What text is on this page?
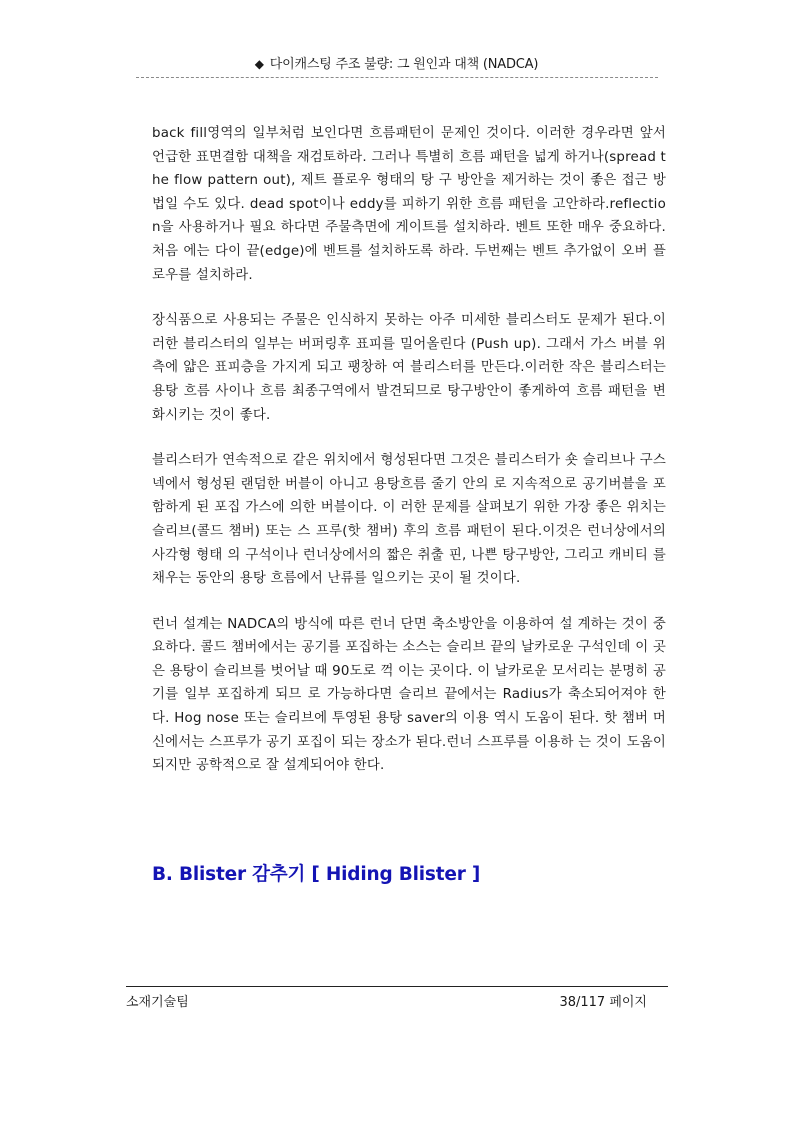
◆ 다이캐스팅 주조 불량: 그 원인과 대책 (NADCA)

back fill영역의 일부처럼 보인다면 흐름패턴이 문제인 것이다. 이러한 경우라면 앞서 언급한 표면결함 대책을 재검토하라. 그러나 특별히 흐름 패턴을 넓게 하거나(spread the flow pattern out), 제트 플로우 형태의 탕 구 방안을 제거하는 것이 좋은 접근 방법일 수도 있다. dead spot이나 eddy를 피하기 위한 흐름 패턴을 고안하라.reflection을 사용하거나 필요 하다면 주물측면에 게이트를 설치하라. 벤트 또한 매우 중요하다. 처음 에는 다이 끝(edge)에 벤트를 설치하도록 하라. 두번째는 벤트 추가없이 오버 플로우를 설치하라.

장식품으로 사용되는 주물은 인식하지 못하는 아주 미세한 블리스터도 문제가 된다.이러한 블리스터의 일부는 버퍼링후 표피를 밀어올린다 (Push up). 그래서 가스 버블 위측에 얇은 표피층을 가지게 되고 팽창하 여 블리스터를 만든다.이러한 작은 블리스터는 용탕 흐름 사이나 흐름 최종구역에서 발견되므로 탕구방안이 좋게하여 흐름 패턴을 변화시키는 것이 좋다.

블리스터가 연속적으로 같은 위치에서 형성된다면 그것은 블리스터가 숏 슬리브나 구스넥에서 형성된 랜덤한 버블이 아니고 용탕흐름 줄기 안의 로 지속적으로 공기버블을 포함하게 된 포집 가스에 의한 버블이다. 이 러한 문제를 살펴보기 위한 가장 좋은 위치는 슬리브(콜드 챔버) 또는 스 프루(핫 챔버) 후의 흐름 패턴이 된다.이것은 런너상에서의 사각형 형태 의 구석이나 런너상에서의 짧은 취출 핀, 나쁜 탕구방안, 그리고 캐비티 를 채우는 동안의 용탕 흐름에서 난류를 일으키는 곳이 될 것이다.

런너 설계는 NADCA의 방식에 따른 런너 단면 축소방안을 이용하여 설 계하는 것이 중요하다. 콜드 챔버에서는 공기를 포집하는 소스는 슬리브 끝의 날카로운 구석인데 이 곳은 용탕이 슬리브를 벗어날 때 90도로 꺽 이는 곳이다. 이 날카로운 모서리는 분명히 공기를 일부 포집하게 되므 로 가능하다면 슬리브 끝에서는 Radius가 축소되어져야 한다. Hog nose 또는 슬리브에 투영된 용탕 saver의 이용 역시 도움이 된다. 핫 챔버 머 신에서는 스프루가 공기 포집이 되는 장소가 된다.런너 스프루를 이용하 는 것이 도움이 되지만 공학적으로 잘 설계되어야 한다.

B. Blister 감추기 [ Hiding Blister ]
소재기술팀	38/117 페이지
